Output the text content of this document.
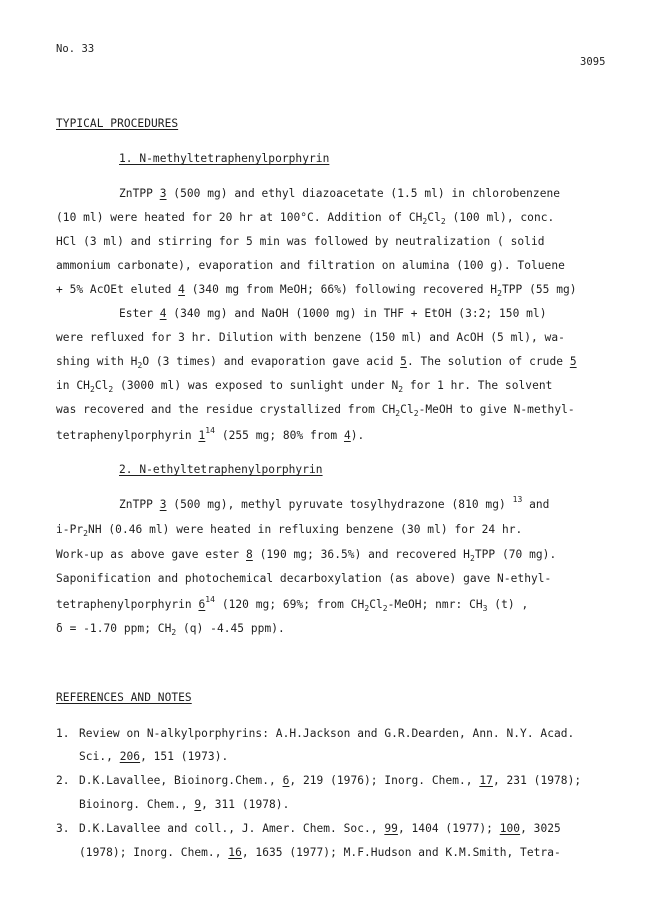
No. 33
3095
TYPICAL PROCEDURES
1. N-methyltetraphenylporphyrin
ZnTPP 3 (500 mg) and ethyl diazoacetate (1.5 ml) in chlorobenzene
(10 ml) were heated for 20 hr at 100°C. Addition of $CH_2Cl_2$ (100 ml), conc.
HCl (3 ml) and stirring for 5 min was followed by neutralization ( solid
ammonium carbonate), evaporation and filtration on alumina (100 g). Toluene
+ 5% AcOEt eluted 4 (340 mg from MeOH; 66%) following recovered $H_2TPP$ (55 mg)
Ester 4 (340 mg) and NaOH (1000 mg) in THF + EtOH (3:2; 150 ml)
were refluxed for 3 hr. Dilution with benzene (150 ml) and AcOH (5 ml), wa-
shing with $H_2O$ (3 times) and evaporation gave acid 5. The solution of crude 5
in $CH_2Cl_2$ (3000 ml) was exposed to sunlight under $N_2$ for 1 hr. The solvent
was recovered and the residue crystallized from $CH_2Cl_2$-MeOH to give N-methyl-
tetraphenylporphyrin $1^{14}$ (255 mg; 80% from 4).
2. N-ethyltetraphenylporphyrin
ZnTPP 3 (500 mg), methyl pyruvate tosylhydrazone (810 mg) $^{13}$ and
$i-Pr_2NH$ (0.46 ml) were heated in refluxing benzene (30 ml) for 24 hr.
Work-up as above gave ester 8 (190 mg; 36.5%) and recovered $H_2TPP$ (70 mg).
Saponification and photochemical decarboxylation (as above) gave N-ethyl-
tetraphenylporphyrin $6^{14}$ (120 mg; 69%; from $CH_2Cl_2$-MeOH; nmr: $CH_3$ (t) ,
δ = -1.70 ppm; $CH_2$ (q) -4.45 ppm).
REFERENCES AND NOTES
1. Review on N-alkylporphyrins: A.H.Jackson and G.R.Dearden, Ann. N.Y. Acad.
Sci., 206, 151 (1973).
2. D.K.Lavallee, Bioinorg.Chem., 6, 219 (1976); Inorg. Chem., 17, 231 (1978);
Bioinorg. Chem., 9, 311 (1978).
3. D.K.Lavallee and coll., J. Amer. Chem. Soc., 99, 1404 (1977); 100, 3025
(1978); Inorg. Chem., 16, 1635 (1977); M.F.Hudson and K.M.Smith, Tetra-
